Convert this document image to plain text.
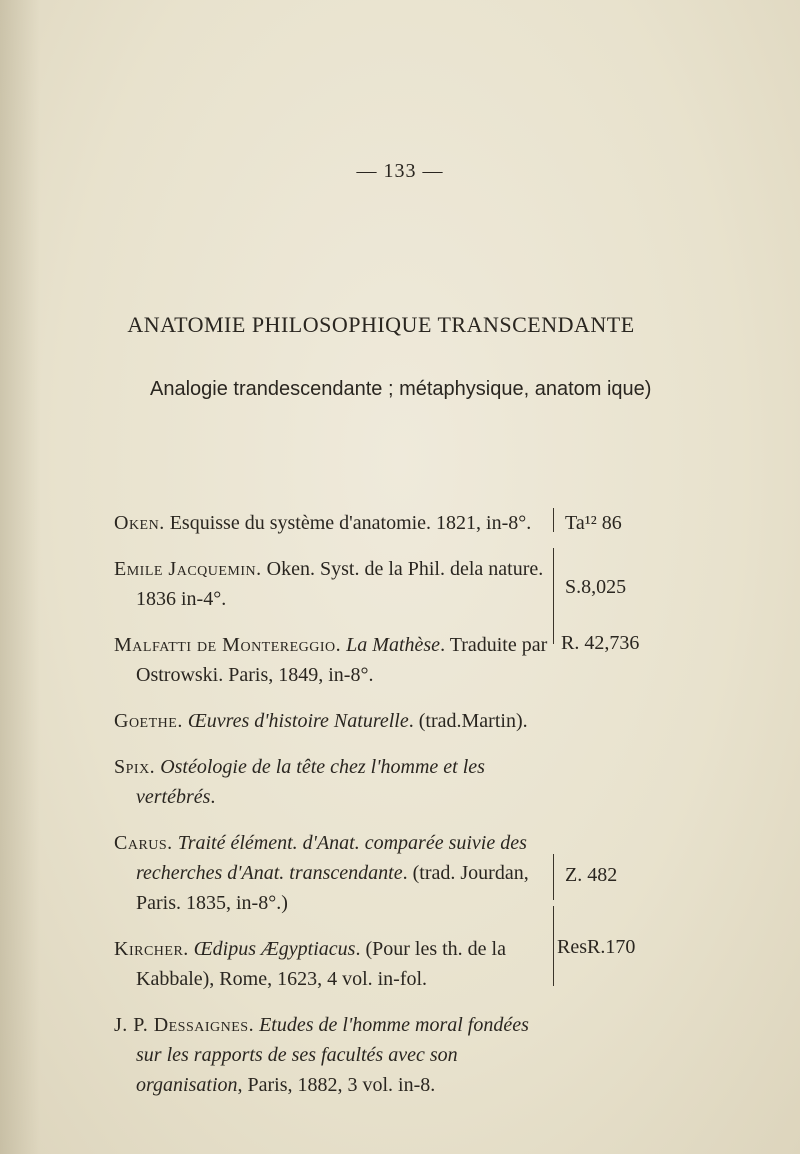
— 133 —
ANATOMIE PHILOSOPHIQUE TRANSCENDANTE
Analogie trandescendante ; métaphysique, anatom ique)
Oken. Esquisse du système d'anatomie. 1821, in-8°.
Emile Jacquemin. Oken. Syst. de la Phil. dela nature. 1836 in-4°.
Malfatti de Montereggio. La Mathèse. Traduite par Ostrowski. Paris, 1849, in-8°.
Goethe. Œuvres d'histoire Naturelle. (trad.Martin).
Spix. Ostéologie de la tête chez l'homme et les vertébrés.
Carus. Traité élément. d'Anat. comparée suivie des recherches d'Anat. transcendante. (trad. Jourdan, Paris. 1835, in-8°.)
Kircher. Œdipus Ægyptiacus. (Pour les th. de la Kabbale), Rome, 1623, 4 vol. in-fol.
J. P. Dessaignes. Etudes de l'homme moral fondées sur les rapports de ses facultés avec son organisation, Paris, 1882, 3 vol. in-8.
Ta¹² 86
S.8,025
R. 42,736
Z. 482
ResR.170
